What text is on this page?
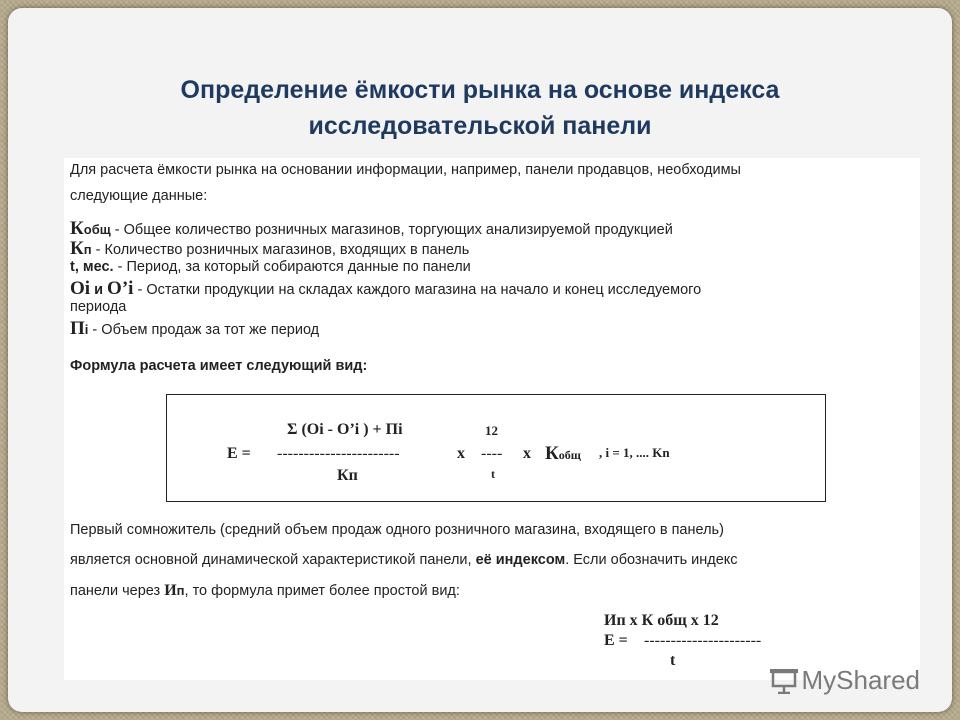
Определение ёмкости рынка на основе индекса
исследовательской панели
Для расчета ёмкости рынка на основании информации, например, панели продавцов, необходимы
следующие данные:
Кобщ - Общее количество розничных магазинов, торгующих анализируемой продукцией
Кп - Количество розничных магазинов, входящих в панель
t, мес. - Период, за который собираются данные по панели
Оi и О’i - Остатки продукции на складах каждого магазина на начало и конец исследуемого
периода
Пi - Объем продаж за тот же период
Формула расчета имеет следующий вид:
Σ (Оi - О’i ) + Пi
Е = -----------------------	х
12
----
t
х Кобщ , i = 1, .... Kn
Кп
Первый сомножитель (средний объем продаж одного розничного магазина, входящего в панель)
является основной динамической характеристикой панели, её индексом. Если обозначить индекс
панели через Ип, то формула примет более простой вид:
Ип х К общ х 12
Е = ----------------------
t
MyShared
